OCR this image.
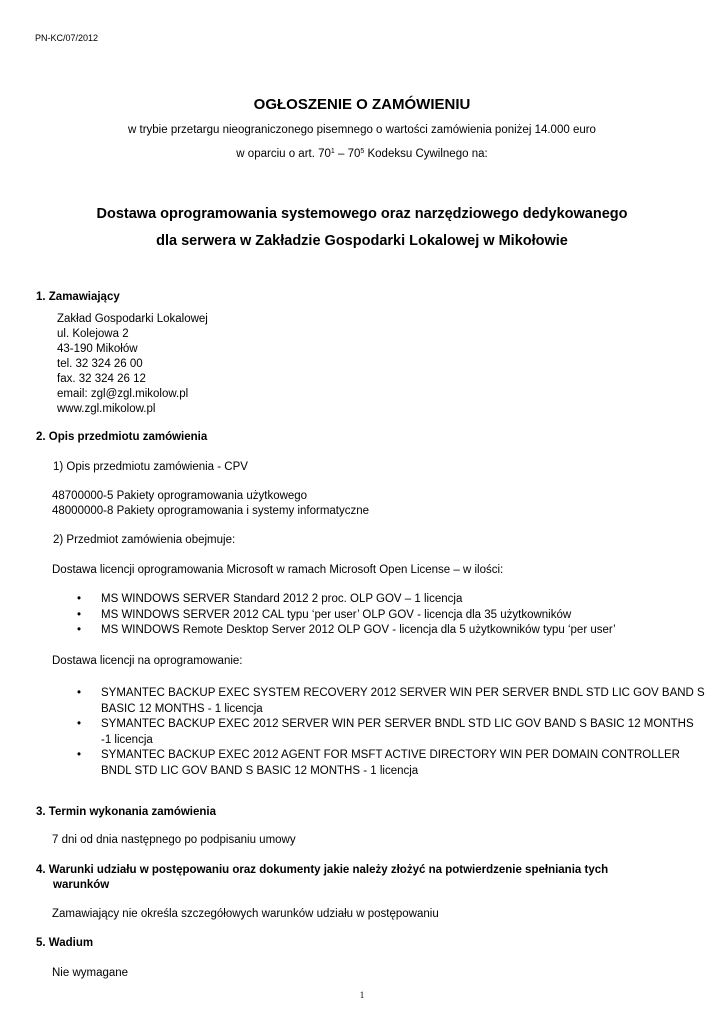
PN-KC/07/2012
OGŁOSZENIE O ZAMÓWIENIU
w trybie przetargu nieograniczonego pisemnego o wartości zamówienia poniżej 14.000 euro
w oparciu o art. $70^1 - 70^5$ Kodeksu Cywilnego na:
Dostawa oprogramowania systemowego oraz narzędziowego dedykowanego
dla serwera w Zakładzie Gospodarki Lokalowej w Mikołowie
1. Zamawiający
Zakład Gospodarki Lokalowej
ul. Kolejowa 2
43-190 Mikołów
tel. 32 324 26 00
fax. 32 324 26 12
email: zgl@zgl.mikolow.pl
www.zgl.mikolow.pl
2. Opis przedmiotu zamówienia
1) Opis przedmiotu zamówienia - CPV
48700000-5 Pakiety oprogramowania użytkowego
48000000-8 Pakiety oprogramowania i systemy informatyczne
2) Przedmiot zamówienia obejmuje:
Dostawa licencji oprogramowania Microsoft w ramach Microsoft Open License – w ilości:
• MS WINDOWS SERVER Standard 2012 2 proc. OLP GOV – 1 licencja
• MS WINDOWS SERVER 2012 CAL typu ‘per user’ OLP GOV - licencja dla 35 użytkowników
• MS WINDOWS Remote Desktop Server 2012 OLP GOV - licencja dla 5 użytkowników typu ‘per user’
Dostawa licencji na oprogramowanie:
• SYMANTEC BACKUP EXEC SYSTEM RECOVERY 2012 SERVER WIN PER SERVER BNDL STD LIC GOV BAND S
BASIC 12 MONTHS - 1 licencja
• SYMANTEC BACKUP EXEC 2012 SERVER WIN PER SERVER BNDL STD LIC GOV BAND S BASIC 12 MONTHS
-1 licencja
• SYMANTEC BACKUP EXEC 2012 AGENT FOR MSFT ACTIVE DIRECTORY WIN PER DOMAIN CONTROLLER
BNDL STD LIC GOV BAND S BASIC 12 MONTHS - 1 licencja
3. Termin wykonania zamówienia
7 dni od dnia następnego po podpisaniu umowy
4. Warunki udziału w postępowaniu oraz dokumenty jakie należy złożyć na potwierdzenie spełniania tych
warunków
Zamawiający nie określa szczegółowych warunków udziału w postępowaniu
5. Wadium
Nie wymagane
1
